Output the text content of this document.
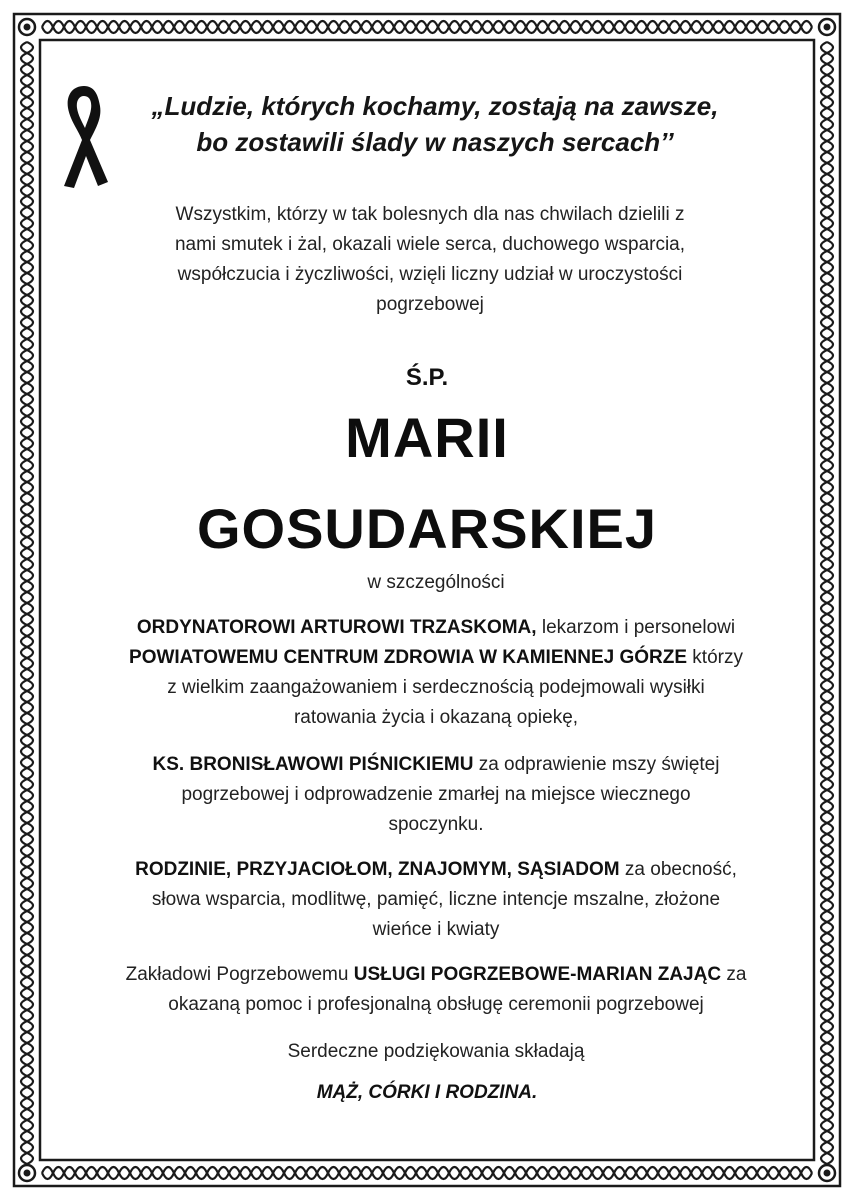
„Ludzie, których kochamy, zostają na zawsze,
bo zostawili ślady w naszych sercach’’
Wszystkim, którzy w tak bolesnych dla nas chwilach dzielili z
nami smutek i żal, okazali wiele serca, duchowego wsparcia,
współczucia i życzliwości, wzięli liczny udział w uroczystości
pogrzebowej
Ś.P.
MARII
GOSUDARSKIEJ
w szczególności
ORDYNATOROWI ARTUROWI TRZASKOMA, lekarzom i personelowi
POWIATOWEMU CENTRUM ZDROWIA W KAMIENNEJ GÓRZE którzy
z wielkim zaangażowaniem i serdecznością podejmowali wysiłki
ratowania życia i okazaną opiekę,
KS. BRONISŁAWOWI PIŚNICKIEMU za odprawienie mszy świętej
pogrzebowej i odprowadzenie zmarłej na miejsce wiecznego
spoczynku.
RODZINIE, PRZYJACIOŁOM, ZNAJOMYM, SĄSIADOM za obecność,
słowa wsparcia, modlitwę, pamięć, liczne intencje mszalne, złożone
wieńce i kwiaty
Zakładowi Pogrzebowemu USŁUGI POGRZEBOWE-MARIAN ZAJĄC za
okazaną pomoc i profesjonalną obsługę ceremonii pogrzebowej
Serdeczne podziękowania składają
MĄŻ, CÓRKI I RODZINA.
